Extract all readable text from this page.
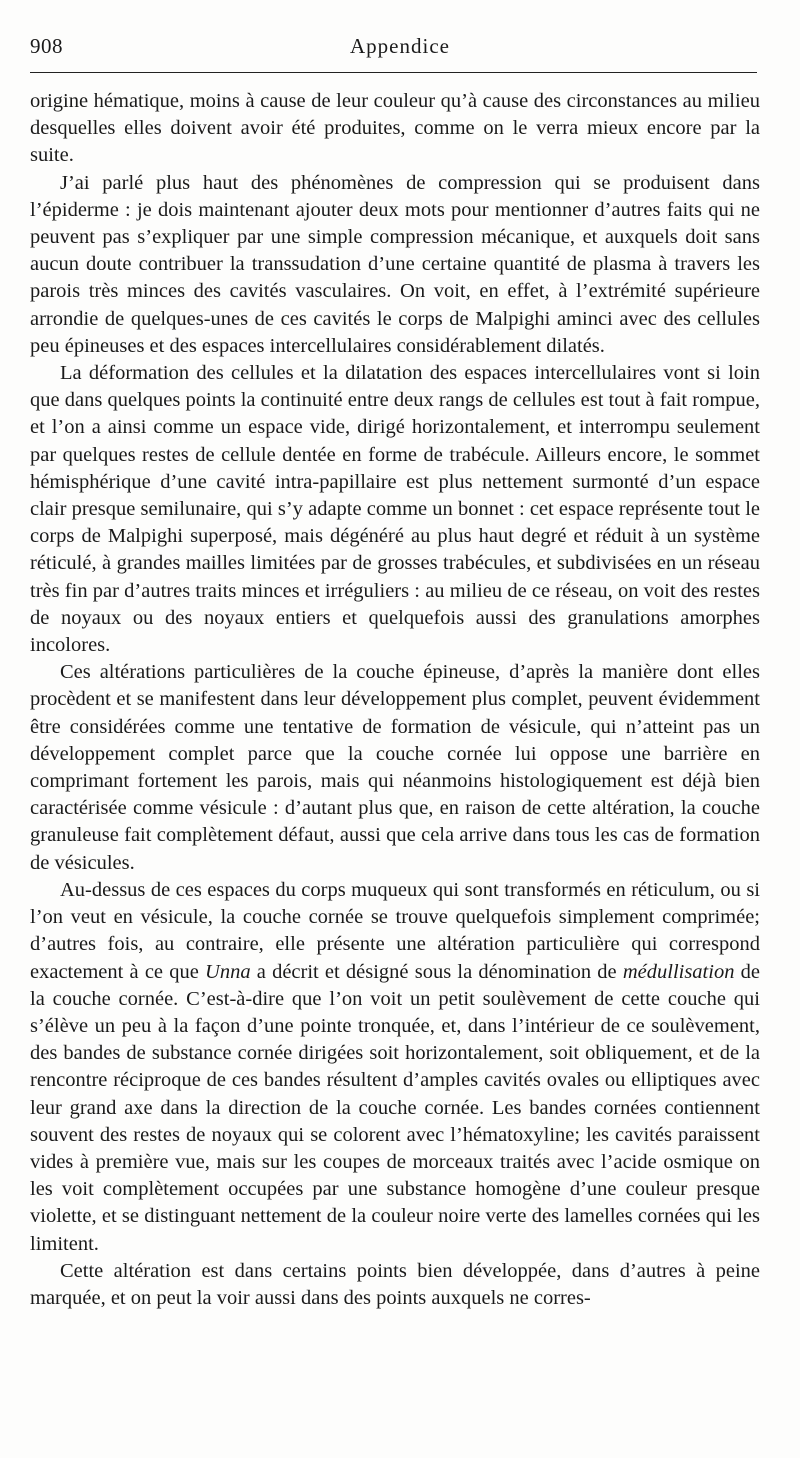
908	Appendice

origine hématique, moins à cause de leur couleur qu’à cause des circonstances au milieu desquelles elles doivent avoir été produites, comme on le verra mieux encore par la suite.

J’ai parlé plus haut des phénomènes de compression qui se produisent dans l’épiderme : je dois maintenant ajouter deux mots pour mentionner d’autres faits qui ne peuvent pas s’expliquer par une simple compression mécanique, et auxquels doit sans aucun doute contribuer la transsudation d’une certaine quantité de plasma à travers les parois très minces des cavités vasculaires. On voit, en effet, à l’extrémité supérieure arrondie de quelques-unes de ces cavités le corps de Malpighi aminci avec des cellules peu épineuses et des espaces intercellulaires considérablement dilatés.

La déformation des cellules et la dilatation des espaces intercellulaires vont si loin que dans quelques points la continuité entre deux rangs de cellules est tout à fait rompue, et l’on a ainsi comme un espace vide, dirigé horizontalement, et interrompu seulement par quelques restes de cellule dentée en forme de trabécule. Ailleurs encore, le sommet hémisphérique d’une cavité intra-papillaire est plus nettement surmonté d’un espace clair presque semilunaire, qui s’y adapte comme un bonnet : cet espace représente tout le corps de Malpighi superposé, mais dégénéré au plus haut degré et réduit à un système réticulé, à grandes mailles limitées par de grosses trabécules, et subdivisées en un réseau très fin par d’autres traits minces et irréguliers : au milieu de ce réseau, on voit des restes de noyaux ou des noyaux entiers et quelquefois aussi des granulations amorphes incolores.

Ces altérations particulières de la couche épineuse, d’après la manière dont elles procèdent et se manifestent dans leur développement plus complet, peuvent évidemment être considérées comme une tentative de formation de vésicule, qui n’atteint pas un développement complet parce que la couche cornée lui oppose une barrière en comprimant fortement les parois, mais qui néanmoins histologiquement est déjà bien caractérisée comme vésicule : d’autant plus que, en raison de cette altération, la couche granuleuse fait complètement défaut, aussi que cela arrive dans tous les cas de formation de vésicules.

Au-dessus de ces espaces du corps muqueux qui sont transformés en réticulum, ou si l’on veut en vésicule, la couche cornée se trouve quelquefois simplement comprimée; d’autres fois, au contraire, elle présente une altération particulière qui correspond exactement à ce que Unna a décrit et désigné sous la dénomination de médullisation de la couche cornée. C’est-à-dire que l’on voit un petit soulèvement de cette couche qui s’élève un peu à la façon d’une pointe tronquée, et, dans l’intérieur de ce soulèvement, des bandes de substance cornée dirigées soit horizontalement, soit obliquement, et de la rencontre réciproque de ces bandes résultent d’amples cavités ovales ou elliptiques avec leur grand axe dans la direction de la couche cornée. Les bandes cornées contiennent souvent des restes de noyaux qui se colorent avec l’hématoxyline; les cavités paraissent vides à première vue, mais sur les coupes de morceaux traités avec l’acide osmique on les voit complètement occupées par une substance homogène d’une couleur presque violette, et se distinguant nettement de la couleur noire verte des lamelles cornées qui les limitent.

Cette altération est dans certains points bien développée, dans d’autres à peine marquée, et on peut la voir aussi dans des points auxquels ne corres-
